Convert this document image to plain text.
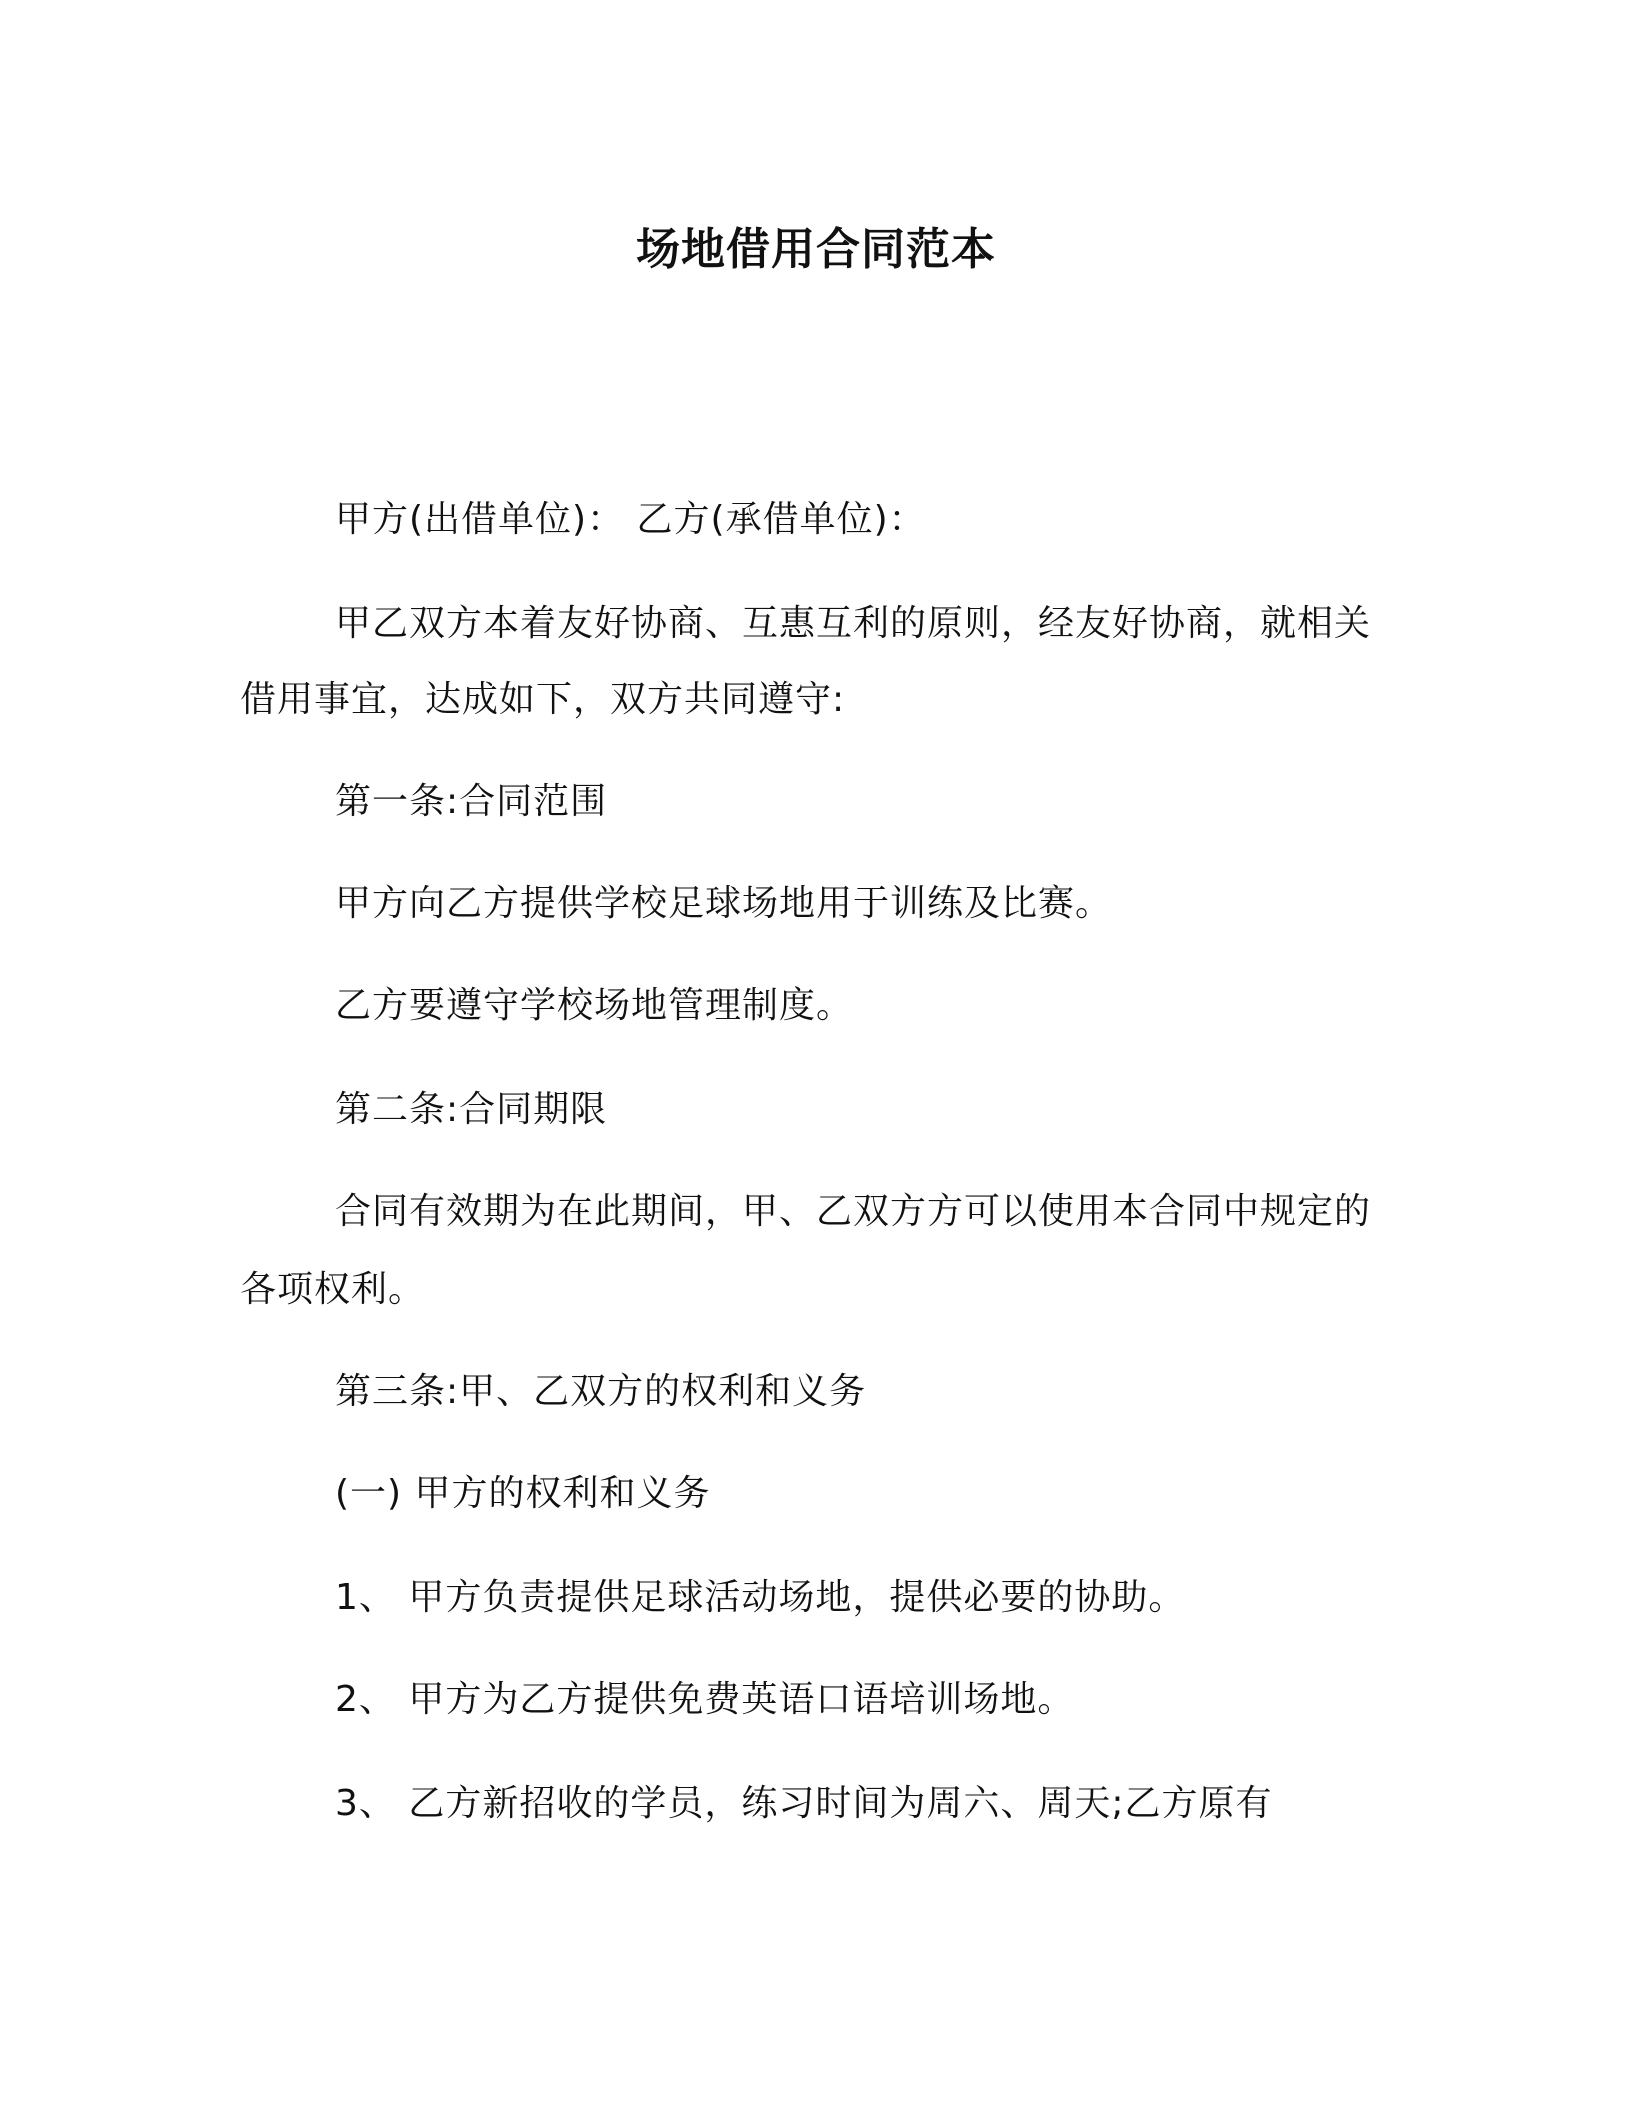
场地借用合同范本
甲方(出借单位)： 乙方(承借单位)：
甲乙双方本着友好协商、互惠互利的原则，经友好协商，就相关
借用事宜，达成如下，双方共同遵守:
第一条:合同范围
甲方向乙方提供学校足球场地用于训练及比赛。
乙方要遵守学校场地管理制度。
第二条:合同期限
合同有效期为在此期间，甲、乙双方方可以使用本合同中规定的
各项权利。
第三条:甲、乙双方的权利和义务
(一) 甲方的权利和义务
1、 甲方负责提供足球活动场地，提供必要的协助。
2、 甲方为乙方提供免费英语口语培训场地。
3、 乙方新招收的学员，练习时间为周六、周天;乙方原有
